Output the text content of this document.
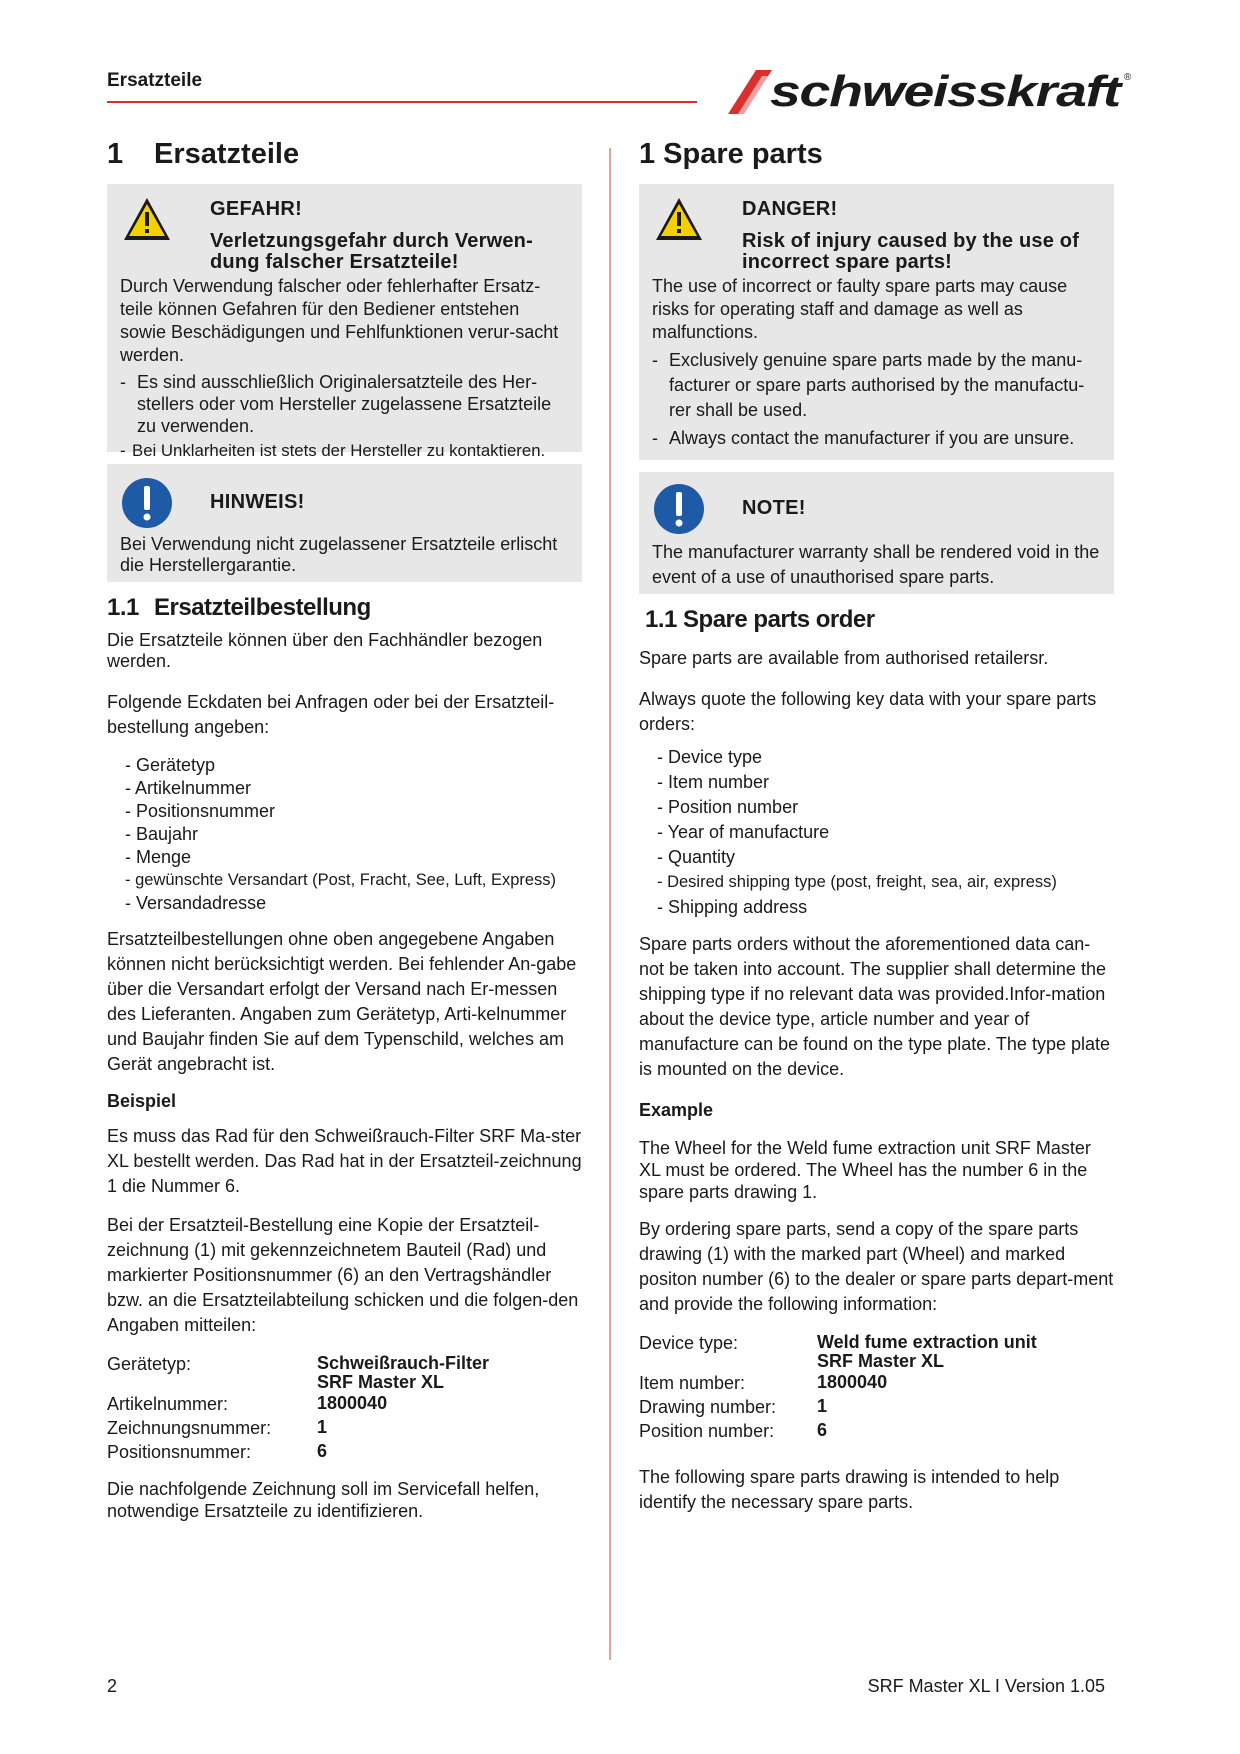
Ersatzteile	schweisskraft ®
1 Ersatzteile
GEFAHR!
Verletzungsgefahr durch Verwen-dung falscher Ersatzteile!

Durch Verwendung falscher oder fehlerhafter Ersatz-teile können Gefahren für den Bediener entstehen sowie Beschädigungen und Fehlfunktionen verur-sacht werden.

- Es sind ausschließlich Originalersatzteile des Her-stellers oder vom Hersteller zugelassene Ersatzteile zu verwenden.
- Bei Unklarheiten ist stets der Hersteller zu kontaktieren.
HINWEIS!

Bei Verwendung nicht zugelassener Ersatzteile erlischt die Herstellergarantie.

1.1 Ersatzteilbestellung

Die Ersatzteile können über den Fachhändler bezogen werden.

Folgende Eckdaten bei Anfragen oder bei der Ersatzteil-bestellung angeben:

- Gerätetyp
- Artikelnummer
- Positionsnummer
- Baujahr
- Menge
- gewünschte Versandart (Post, Fracht, See, Luft, Express)
- Versandadresse

Ersatzteilbestellungen ohne oben angegebene Angaben können nicht berücksichtigt werden. Bei fehlender An-gabe über die Versandart erfolgt der Versand nach Er-messen des Lieferanten. Angaben zum Gerätetyp, Arti-kelnummer und Baujahr finden Sie auf dem Typenschild, welches am Gerät angebracht ist.

Beispiel

Es muss das Rad für den Schweißrauch-Filter SRF Ma-ster XL bestellt werden. Das Rad hat in der Ersatzteil-zeichnung 1 die Nummer 6.

Bei der Ersatzteil-Bestellung eine Kopie der Ersatzteil-zeichnung (1) mit gekennzeichnetem Bauteil (Rad) und markierter Positionsnummer (6) an den Vertragshändler bzw. an die Ersatzteilabteilung schicken und die folgen-den Angaben mitteilen:

Gerätetyp:	Schweißrauch-Filter SRF Master XL
Artikelnummer:	1800040
Zeichnungsnummer:	1
Positionsnummer:	6

Die nachfolgende Zeichnung soll im Servicefall helfen, notwendige Ersatzteile zu identifizieren.

1 Spare parts
DANGER!
Risk of injury caused by the use of incorrect spare parts!

The use of incorrect or faulty spare parts may cause risks for operating staff and damage as well as malfunctions.

- Exclusively genuine spare parts made by the manu-facturer or spare parts authorised by the manufactu-rer shall be used.
- Always contact the manufacturer if you are unsure.
NOTE!

The manufacturer warranty shall be rendered void in the event of a use of unauthorised spare parts.

1.1 Spare parts order

Spare parts are available from authorised retailersr.

Always quote the following key data with your spare parts orders:

- Device type
- Item number
- Position number
- Year of manufacture
- Quantity
- Desired shipping type (post, freight, sea, air, express)
- Shipping address

Spare parts orders without the aforementioned data can-not be taken into account. The supplier shall determine the shipping type if no relevant data was provided.Infor-mation about the device type, article number and year of manufacture can be found on the type plate. The type plate is mounted on the device.

Example

The Wheel for the Weld fume extraction unit SRF Master XL must be ordered. The Wheel has the number 6 in the spare parts drawing 1.

By ordering spare parts, send a copy of the spare parts drawing (1) with the marked part (Wheel) and marked positon number (6) to the dealer or spare parts depart-ment and provide the following information:

Device type:	Weld fume extraction unit SRF Master XL
Item number:	1800040
Drawing number:	1
Position number:	6

The following spare parts drawing is intended to help identify the necessary spare parts.

2	SRF Master XL I Version 1.05
